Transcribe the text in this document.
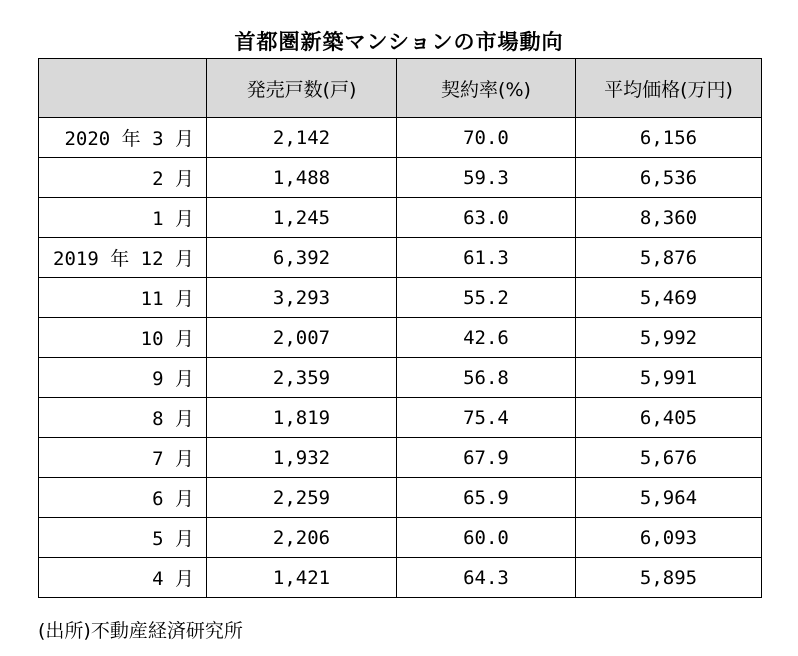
首都圏新築マンションの市場動向
	発売戸数(戸)	契約率(%)	平均価格(万円)
2020 年 3 月	2,142	70.0	6,156
2 月	1,488	59.3	6,536
1 月	1,245	63.0	8,360
2019 年 12 月	6,392	61.3	5,876
11 月	3,293	55.2	5,469
10 月	2,007	42.6	5,992
9 月	2,359	56.8	5,991
8 月	1,819	75.4	6,405
7 月	1,932	67.9	5,676
6 月	2,259	65.9	5,964
5 月	2,206	60.0	6,093
4 月	1,421	64.3	5,895
(出所)不動産経済研究所
